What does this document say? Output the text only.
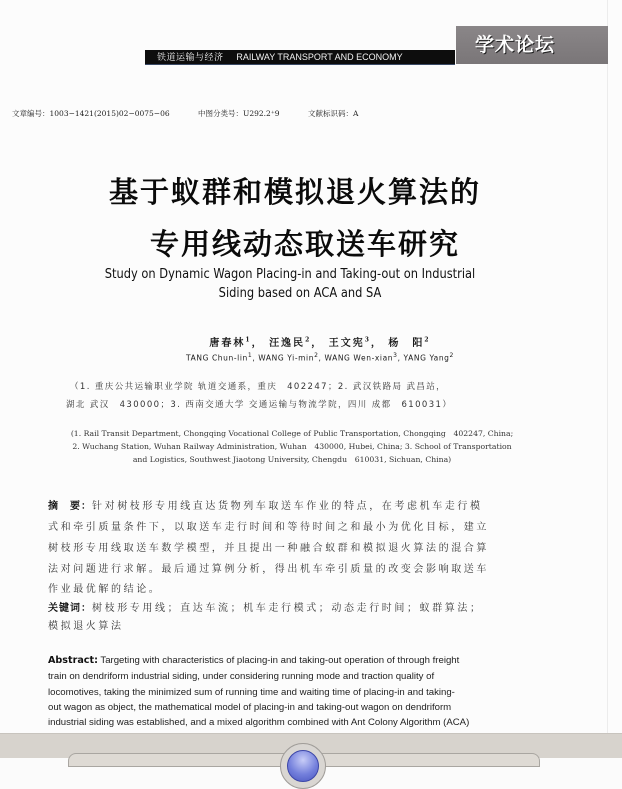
学术论坛
铁道运输与经济 RAILWAY TRANSPORT AND ECONOMY
文章编号：1003−1421(2015)02−0075−06	中图分类号：U292.2⁺9	文献标识码：A
基于蚁群和模拟退火算法的
专用线动态取送车研究
Study on Dynamic Wagon Placing-in and Taking-out on Industrial
Siding based on ACA and SA
唐春林$^1$， 汪逸民$^2$， 王文宪$^3$， 杨　阳$^2$
TANG Chun-lin$^1$, WANG $Yi-\min^2$, WANG Wen-xian$^3$, YANG Yang$^2$
（1. 重庆公共运输职业学院 轨道交通系，重庆　402247；2. 武汉铁路局 武昌站，
湖北 武汉　430000；3. 西南交通大学 交通运输与物流学院，四川 成都　610031）
(1. Rail Transit Department, Chongqing Vocational College of Public Transportation, Chongqing　402247, China;
2. Wuchang Station, Wuhan Railway Administration, Wuhan　430000, Hubei, China; 3. School of Transportation
and Logistics, Southwest Jiaotong University, Chengdu　610031, Sichuan, China)
摘　要：针对树枝形专用线直达货物列车取送车作业的特点，在考虑机车走行模
式和牵引质量条件下，以取送车走行时间和等待时间之和最小为优化目标，建立
树枝形专用线取送车数学模型，并且提出一种融合蚁群和模拟退火算法的混合算
法对问题进行求解。最后通过算例分析，得出机车牵引质量的改变会影响取送车
作业最优解的结论。
关键词：树枝形专用线；直达车流；机车走行模式；动态走行时间；蚁群算法；
模拟退火算法
Abstract: Targeting with characteristics of placing-in and taking-out operation of through freight
train on dendriform industrial siding, under considering running mode and traction quality of
locomotives, taking the minimized sum of running time and waiting time of placing-in and taking-
out wagon as object, the mathematical model of placing-in and taking-out wagon on dendriform
industrial siding was established, and a mixed algorithm combined with Ant Colony Algorithm (ACA)
